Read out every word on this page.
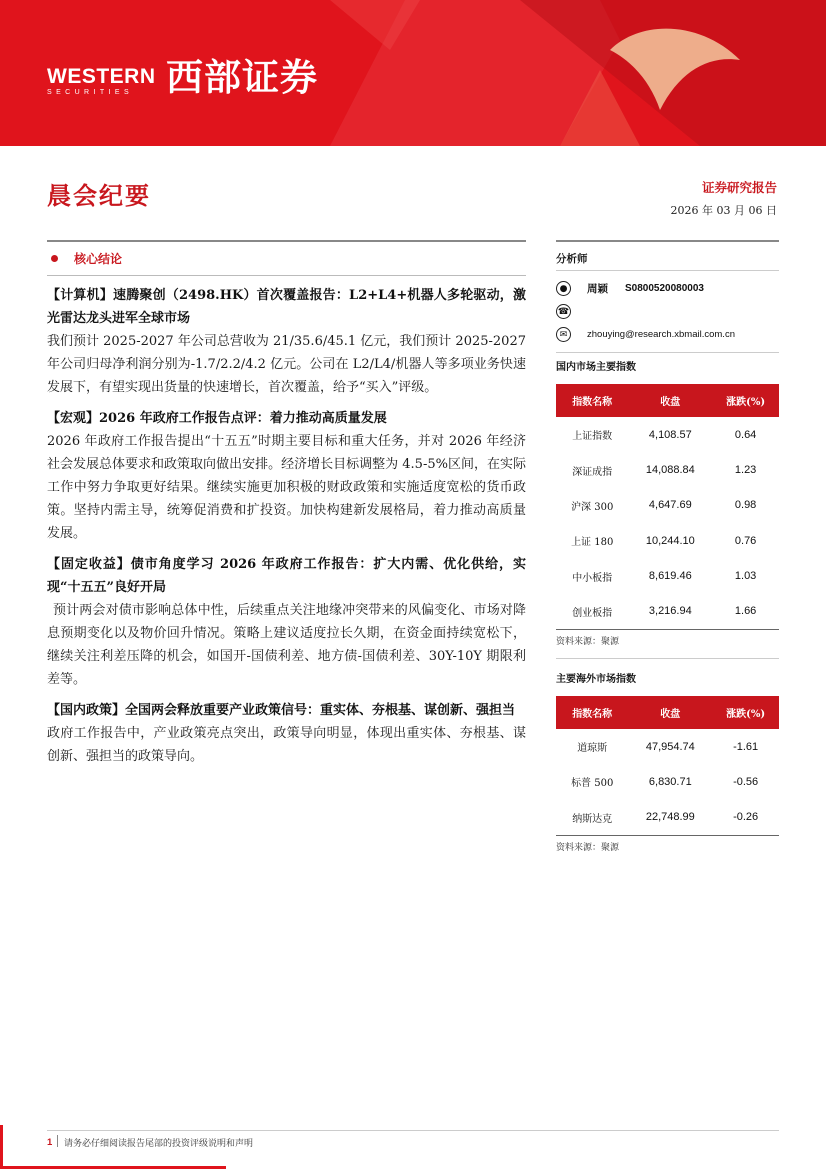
WESTERN
SECURITIES 西部证券
晨会纪要	证券研究报告
2026 年 03 月 06 日
核心结论
【计算机】速腾聚创（2498.HK）首次覆盖报告：L2+L4+机器人多轮驱动，激光雷达龙头进军全球市场
我们预计 2025-2027 年公司总营收为 21/35.6/45.1 亿元，我们预计 2025-2027 年公司归母净利润分别为-1.7/2.2/4.2 亿元。公司在 L2/L4/机器人等多项业务快速发展下，有望实现出货量的快速增长，首次覆盖，给予“买入”评级。
【宏观】2026 年政府工作报告点评：着力推动高质量发展
2026 年政府工作报告提出“十五五”时期主要目标和重大任务，并对 2026 年经济社会发展总体要求和政策取向做出安排。经济增长目标调整为 4.5-5%区间，在实际工作中努力争取更好结果。继续实施更加积极的财政政策和实施适度宽松的货币政策。坚持内需主导，统筹促消费和扩投资。加快构建新发展格局，着力推动高质量发展。
【固定收益】债市角度学习 2026 年政府工作报告：扩大内需、优化供给，实现“十五五”良好开局
预计两会对债市影响总体中性，后续重点关注地缘冲突带来的风偏变化、市场对降息预期变化以及物价回升情况。策略上建议适度拉长久期，在资金面持续宽松下，继续关注利差压降的机会，如国开-国债利差、地方债-国债利差、30Y-10Y 期限利差等。
【国内政策】全国两会释放重要产业政策信号：重实体、夯根基、谋创新、强担当
政府工作报告中，产业政策亮点突出，政策导向明显，体现出重实体、夯根基、谋创新、强担当的政策导向。
分析师
●	周颖	S0800520080003
☎
✉	zhouying@research.xbmail.com.cn
国内市场主要指数
指数名称	收盘	涨跌(%)
上证指数	4,108.57	0.64
深证成指	14,088.84	1.23
沪深 300	4,647.69	0.98
上证 180	10,244.10	0.76
中小板指	8,619.46	1.03
创业板指	3,216.94	1.66
资料来源：聚源
主要海外市场指数
指数名称	收盘	涨跌(%)
道琼斯	47,954.74	-1.61
标普 500	6,830.71	-0.56
纳斯达克	22,748.99	-0.26
资料来源：聚源
1 请务必仔细阅读报告尾部的投资评级说明和声明
